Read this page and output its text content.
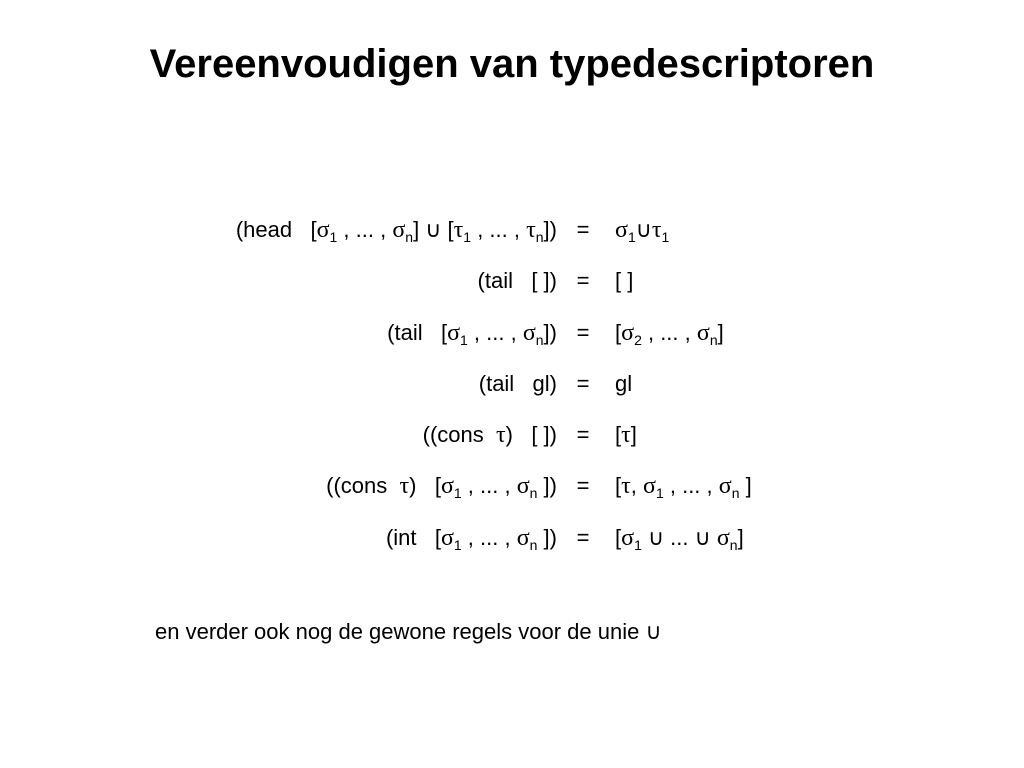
Vereenvoudigen van typedescriptoren
(head   [$\sigma_1$ , ... , $\sigma_n$] ∪ [$\tau_1$ , ... , $\tau_n$]) = $\sigma_1\cup\tau_1$
(tail   [ ]) = [ ]
(tail   [$\sigma_1$ , ... , $\sigma_n]) = [\sigma_2$ , ... , $\sigma_n$]
(tail   gl) = gl
((cons  τ)   [ ]) = [τ]
((cons  τ)   [$\sigma_1$ , ... , $\sigma_n$ ]) = [τ, $\sigma_1$ , ... , $\sigma_n$ ]
(int   [$\sigma_1$ , ... , $\sigma_n$ ]) = [$\sigma_1$ ∪ ... ∪ $\sigma_n$]
en verder ook nog de gewone regels voor de unie ∪
